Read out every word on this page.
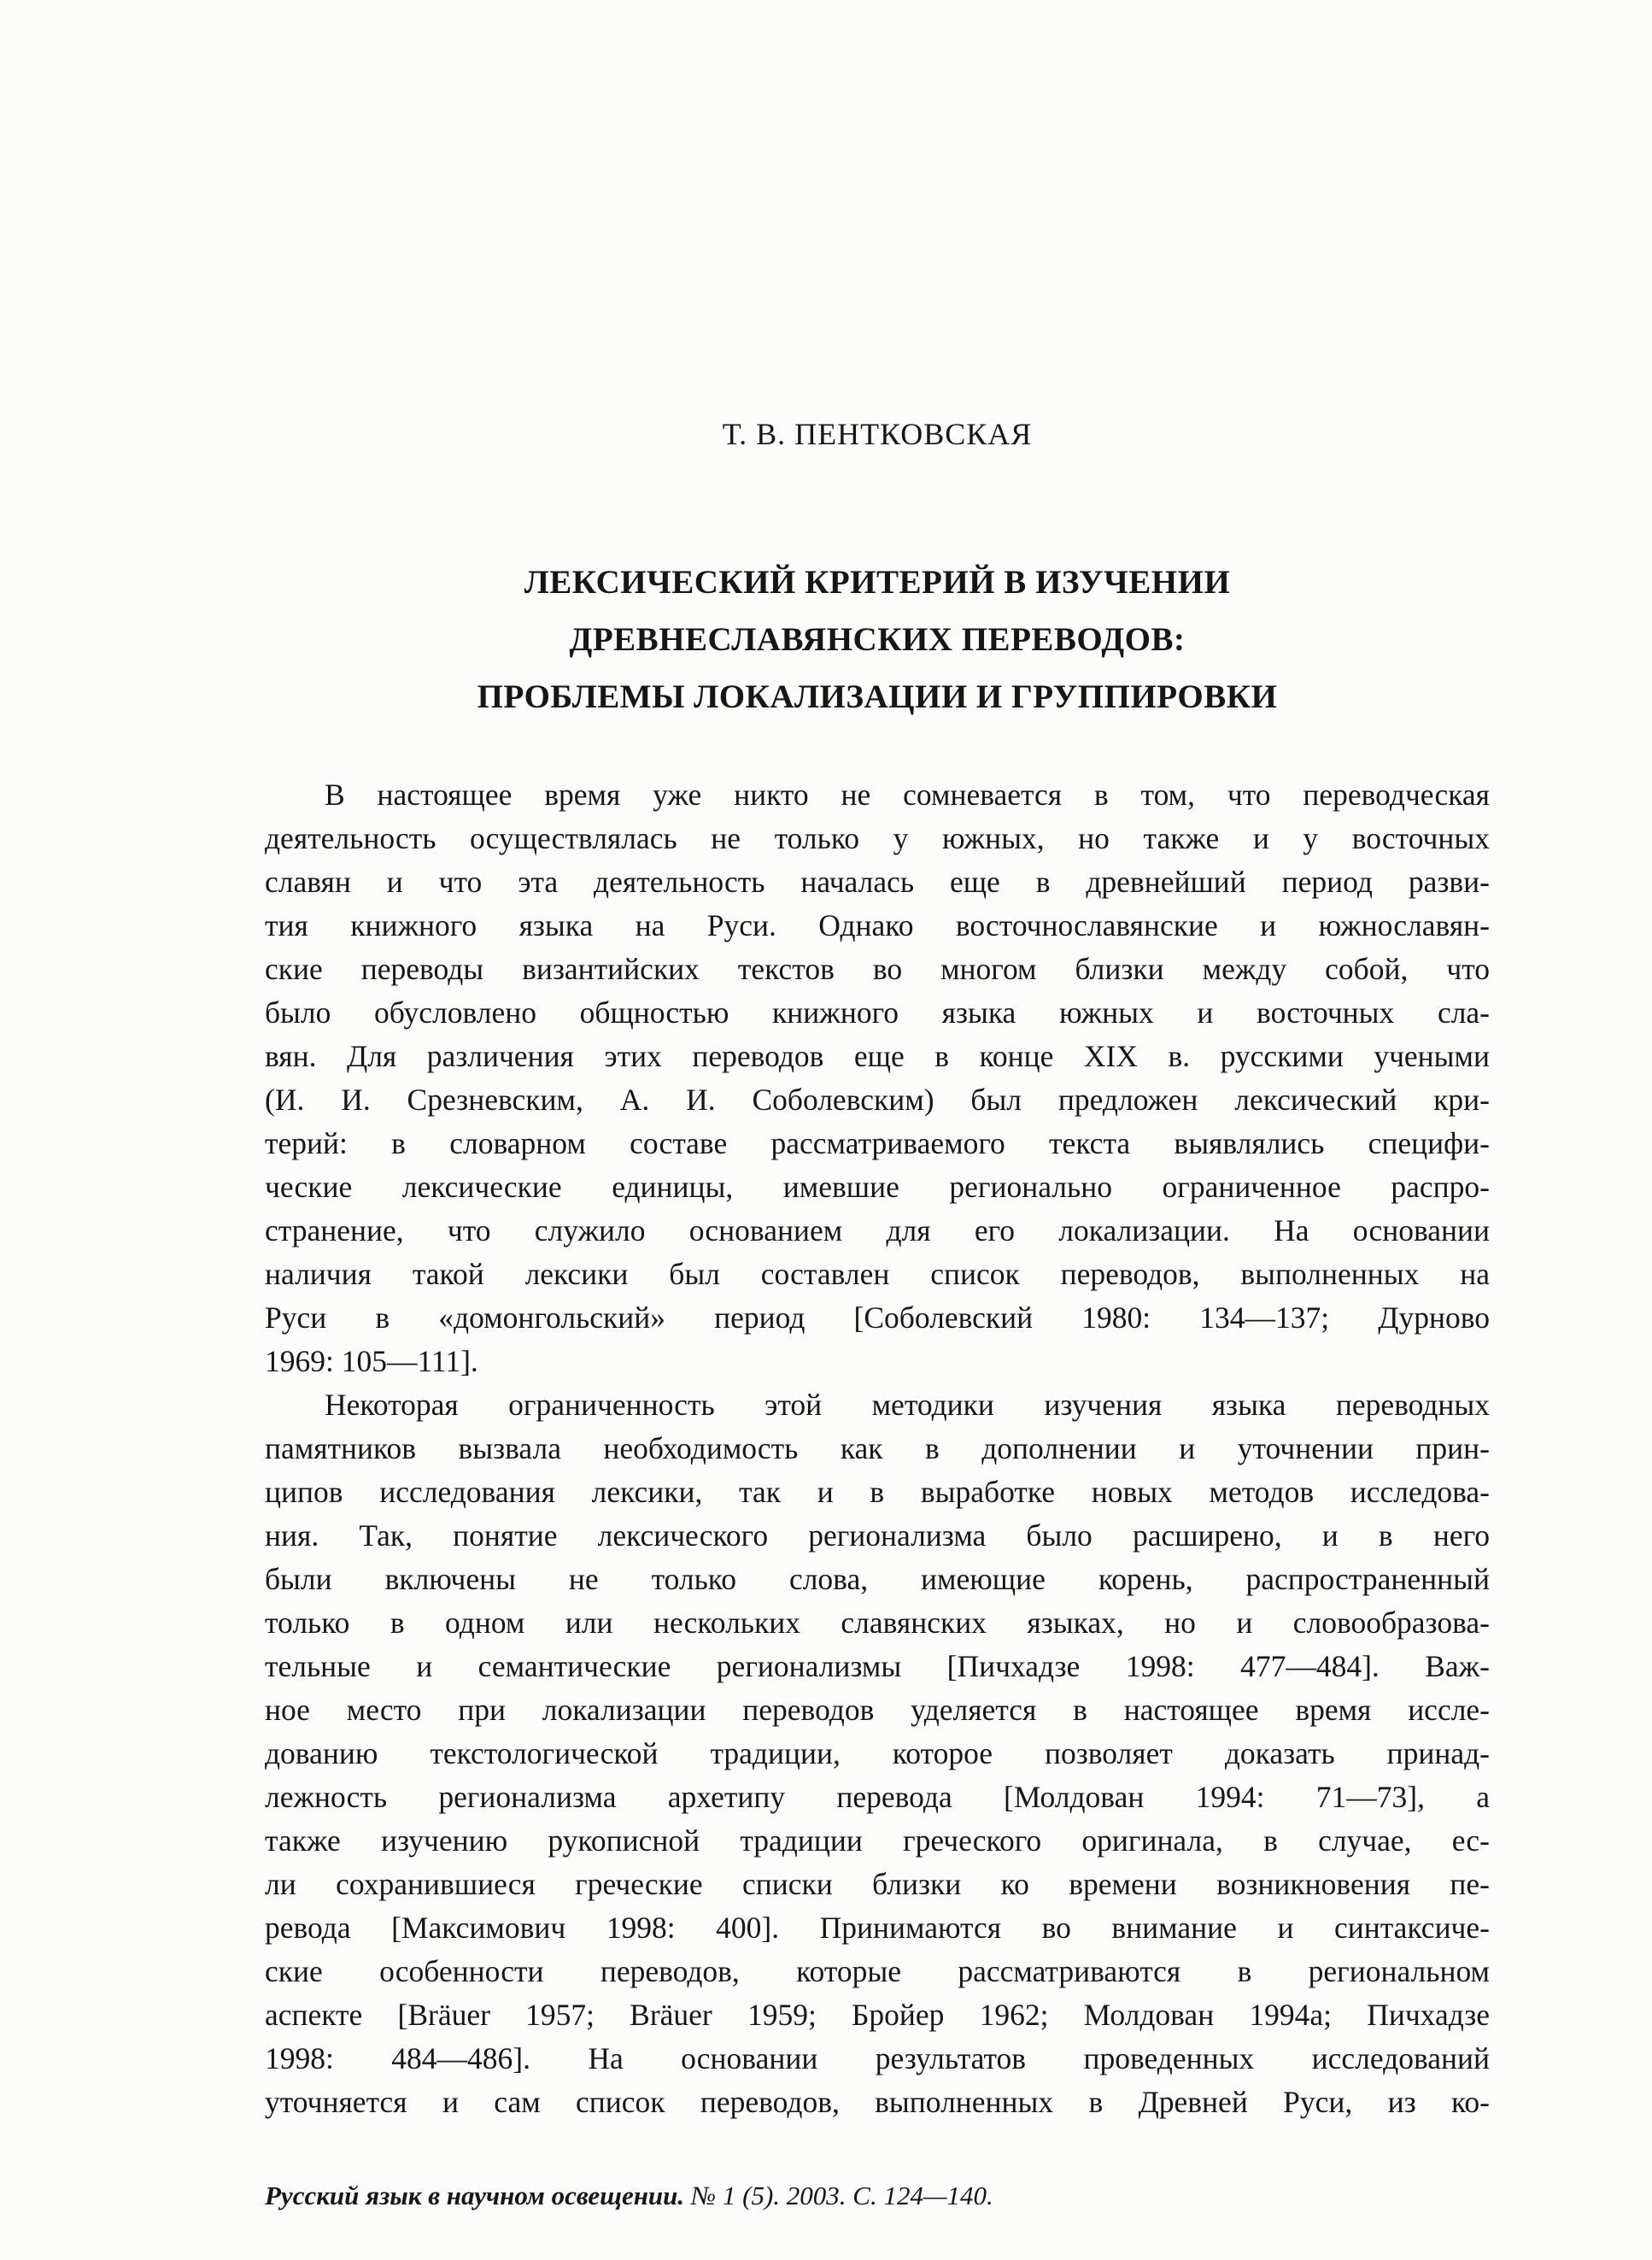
Т. В. ПЕНТКОВСКАЯ
ЛЕКСИЧЕСКИЙ КРИТЕРИЙ В ИЗУЧЕНИИ
ДРЕВНЕСЛАВЯНСКИХ ПЕРЕВОДОВ:
ПРОБЛЕМЫ ЛОКАЛИЗАЦИИ И ГРУППИРОВКИ
В настоящее время уже никто не сомневается в том, что переводческая
деятельность осуществлялась не только у южных, но также и у восточных
славян и что эта деятельность началась еще в древнейший период разви-
тия книжного языка на Руси. Однако восточнославянские и южнославян-
ские переводы византийских текстов во многом близки между собой, что
было обусловлено общностью книжного языка южных и восточных сла-
вян. Для различения этих переводов еще в конце XIX в. русскими учеными
(И. И. Срезневским, А. И. Соболевским) был предложен лексический кри-
терий: в словарном составе рассматриваемого текста выявлялись специфи-
ческие лексические единицы, имевшие регионально ограниченное распро-
странение, что служило основанием для его локализации. На основании
наличия такой лексики был составлен список переводов, выполненных на
Руси в «домонгольский» период [Соболевский 1980: 134—137; Дурново
1969: 105—111].
Некоторая ограниченность этой методики изучения языка переводных
памятников вызвала необходимость как в дополнении и уточнении прин-
ципов исследования лексики, так и в выработке новых методов исследова-
ния. Так, понятие лексического регионализма было расширено, и в него
были включены не только слова, имеющие корень, распространенный
только в одном или нескольких славянских языках, но и словообразова-
тельные и семантические регионализмы [Пичхадзе 1998: 477—484]. Важ-
ное место при локализации переводов уделяется в настоящее время иссле-
дованию текстологической традиции, которое позволяет доказать принад-
лежность регионализма архетипу перевода [Молдован 1994: 71—73], а
также изучению рукописной традиции греческого оригинала, в случае, ес-
ли сохранившиеся греческие списки близки ко времени возникновения пе-
ревода [Максимович 1998: 400]. Принимаются во внимание и синтаксиче-
ские особенности переводов, которые рассматриваются в региональном
аспекте [Bräuer 1957; Bräuer 1959; Бройер 1962; Молдован 1994а; Пичхадзе
1998: 484—486]. На основании результатов проведенных исследований
уточняется и сам список переводов, выполненных в Древней Руси, из ко-
Русский язык в научном освещении. № 1 (5). 2003. С. 124—140.
